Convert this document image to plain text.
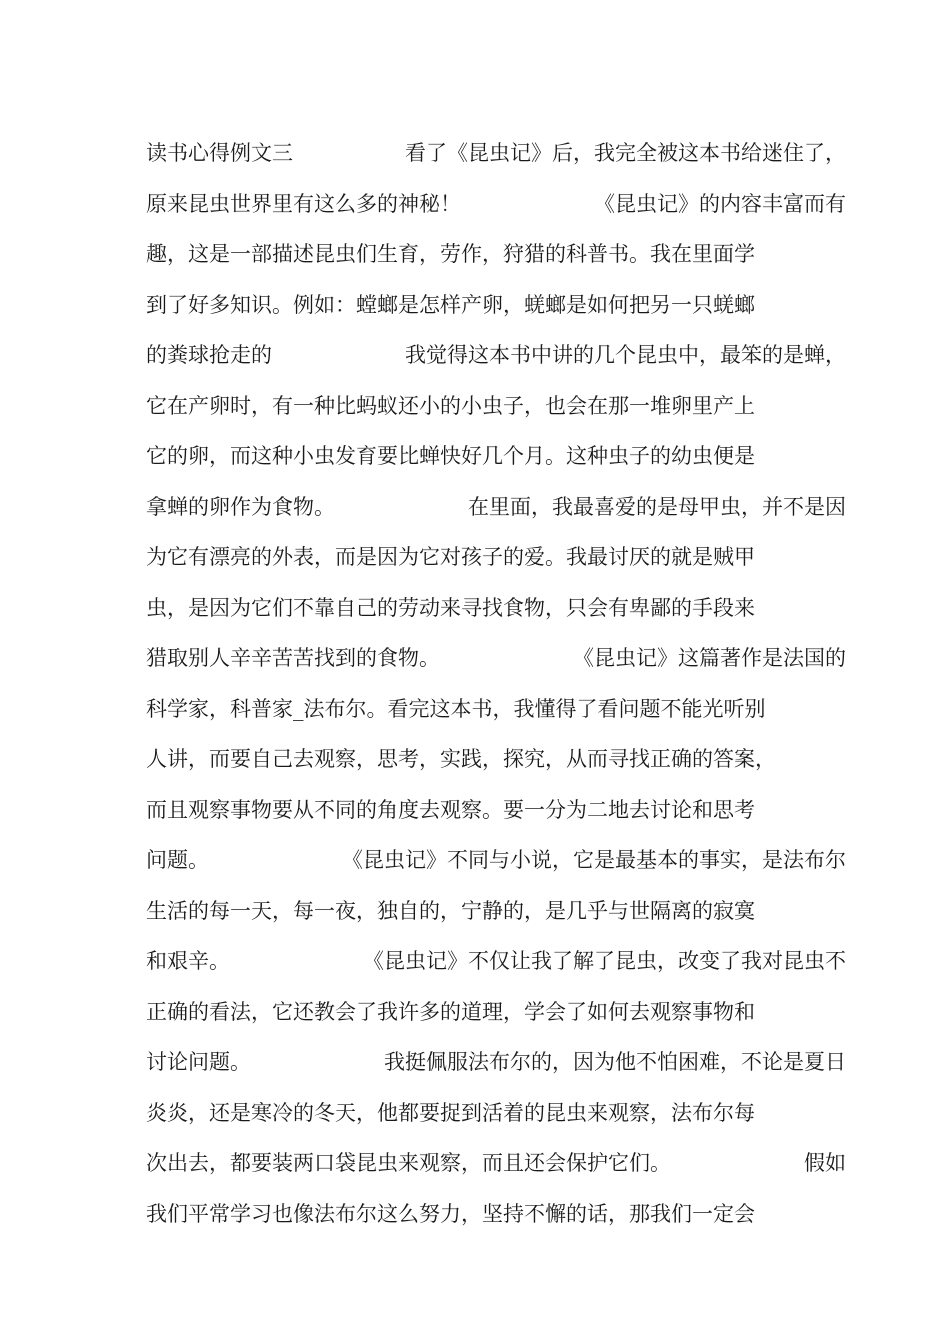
读书心得例文三	看了《昆虫记》后，我完全被这本书给迷住了，
原来昆虫世界里有这么多的神秘！	《昆虫记》的内容丰富而有
趣，这是一部描述昆虫们生育，劳作，狩猎的科普书。我在里面学
到了好多知识。例如：螳螂是怎样产卵，蜣螂是如何把另一只蜣螂
的粪球抢走的	我觉得这本书中讲的几个昆虫中，最笨的是蝉，
它在产卵时，有一种比蚂蚁还小的小虫子，也会在那一堆卵里产上
它的卵，而这种小虫发育要比蝉快好几个月。这种虫子的幼虫便是
拿蝉的卵作为食物。	在里面，我最喜爱的是母甲虫，并不是因
为它有漂亮的外表，而是因为它对孩子的爱。我最讨厌的就是贼甲
虫，是因为它们不靠自己的劳动来寻找食物，只会有卑鄙的手段来
猎取别人辛辛苦苦找到的食物。	《昆虫记》这篇著作是法国的
科学家，科普家_法布尔。看完这本书，我懂得了看问题不能光听别
人讲，而要自己去观察，思考，实践，探究，从而寻找正确的答案，
而且观察事物要从不同的角度去观察。要一分为二地去讨论和思考
问题。	《昆虫记》不同与小说，它是最基本的事实，是法布尔
生活的每一天，每一夜，独自的，宁静的，是几乎与世隔离的寂寞
和艰辛。	《昆虫记》不仅让我了解了昆虫，改变了我对昆虫不
正确的看法，它还教会了我许多的道理，学会了如何去观察事物和
讨论问题。	我挺佩服法布尔的，因为他不怕困难，不论是夏日
炎炎，还是寒冷的冬天，他都要捉到活着的昆虫来观察，法布尔每
次出去，都要装两口袋昆虫来观察，而且还会保护它们。	假如
我们平常学习也像法布尔这么努力，坚持不懈的话，那我们一定会
